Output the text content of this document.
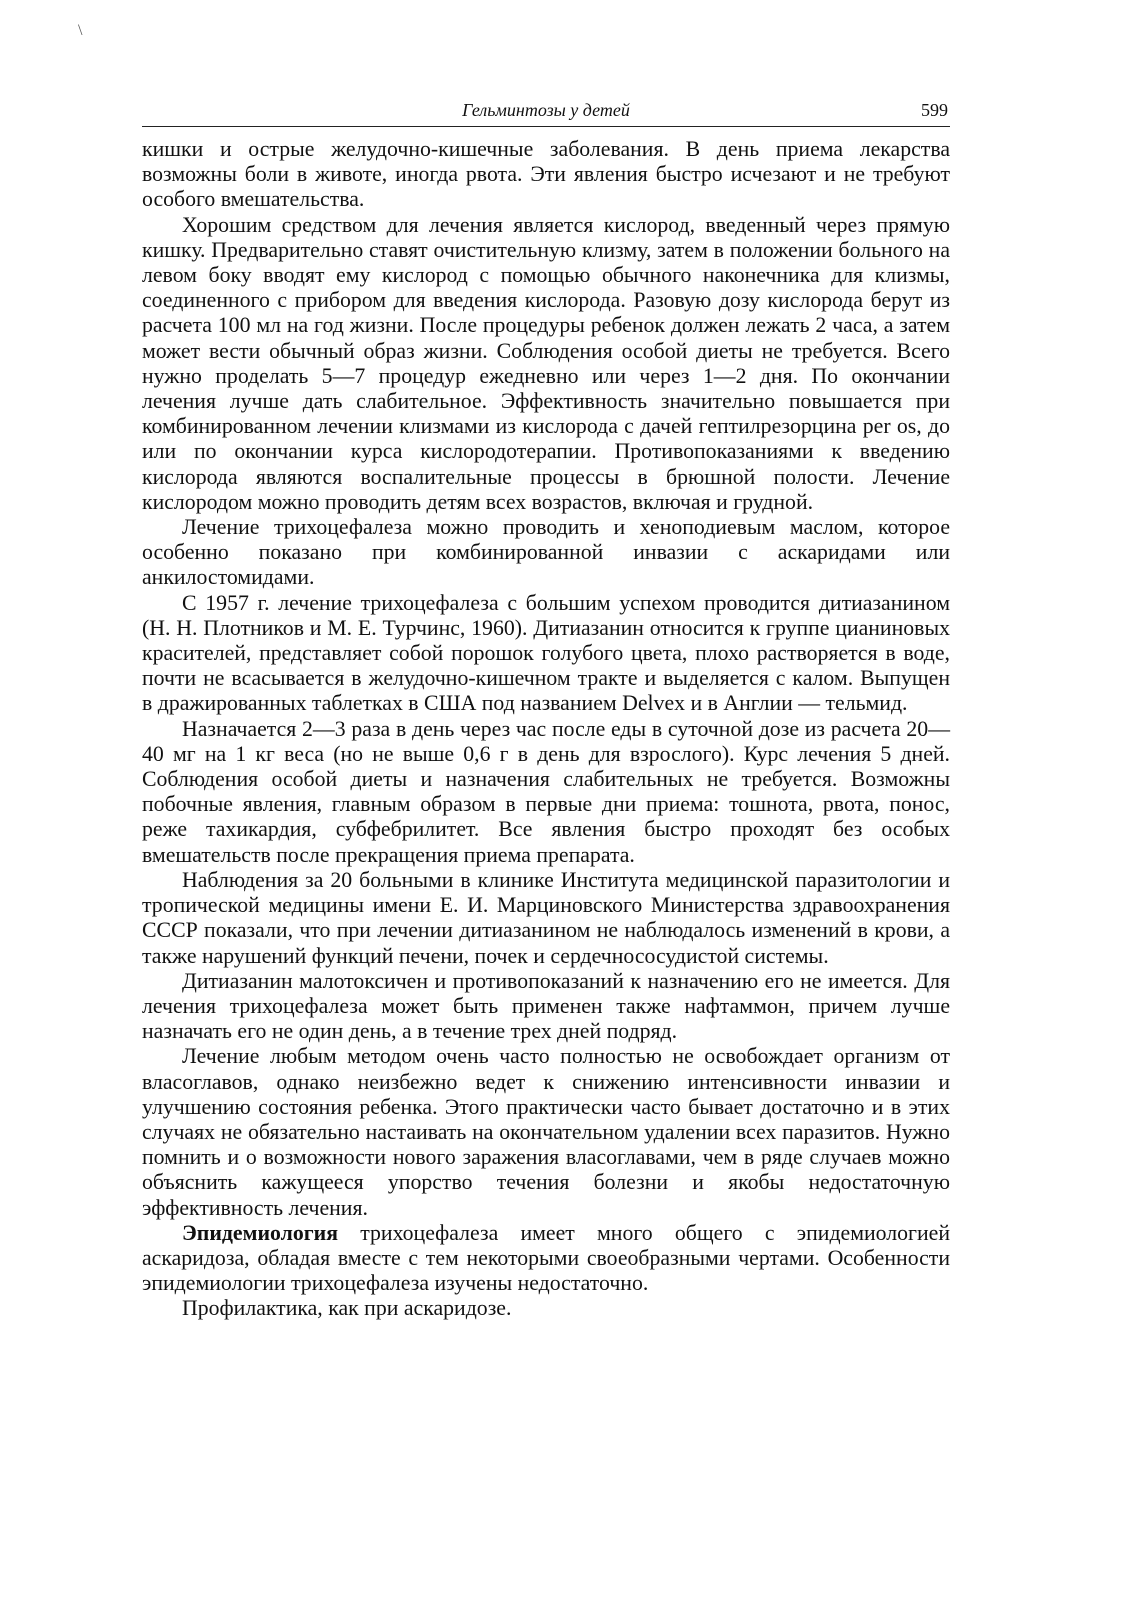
\
Гельминтозы у детей	599

кишки и острые желудочно-кишечные заболевания. В день приема лекарства возможны боли в животе, иногда рвота. Эти явления быстро исчезают и не требуют особого вмешательства.

Хорошим средством для лечения является кислород, введенный через прямую кишку. Предварительно ставят очистительную клизму, затем в положении больного на левом боку вводят ему кислород с помощью обычного наконечника для клизмы, соединенного с прибором для введения кислорода. Разовую дозу кислорода берут из расчета 100 мл на год жизни. После процедуры ребенок должен лежать 2 часа, а затем может вести обычный образ жизни. Соблюдения особой диеты не требуется. Всего нужно проделать 5—7 процедур ежедневно или через 1—2 дня. По окончании лечения лучше дать слабительное. Эффективность значительно повышается при комбинированном лечении клизмами из кислорода с дачей гептилрезорцина per os, до или по окончании курса кислородотерапии. Противопоказаниями к введению кислорода являются воспалительные процессы в брюшной полости. Лечение кислородом можно проводить детям всех возрастов, включая и грудной.

Лечение трихоцефалеза можно проводить и хеноподиевым маслом, которое особенно показано при комбинированной инвазии с аскаридами или анкилостомидами.

С 1957 г. лечение трихоцефалеза с большим успехом проводится дитиазанином (Н. Н. Плотников и М. Е. Турчинс, 1960). Дитиазанин относится к группе цианиновых красителей, представляет собой порошок голубого цвета, плохо растворяется в воде, почти не всасывается в желудочно-кишечном тракте и выделяется с калом. Выпущен в дражированных таблетках в США под названием Delvex и в Англии — тельмид.

Назначается 2—3 раза в день через час после еды в суточной дозе из расчета 20—40 мг на 1 кг веса (но не выше 0,6 г в день для взрослого). Курс лечения 5 дней. Соблюдения особой диеты и назначения слабительных не требуется. Возможны побочные явления, главным образом в первые дни приема: тошнота, рвота, понос, реже тахикардия, субфебрилитет. Все явления быстро проходят без особых вмешательств после прекращения приема препарата.

Наблюдения за 20 больными в клинике Института медицинской паразитологии и тропической медицины имени Е. И. Марциновского Министерства здравоохранения СССР показали, что при лечении дитиазанином не наблюдалось изменений в крови, а также нарушений функций печени, почек и сердечнососудистой системы.

Дитиазанин малотоксичен и противопоказаний к назначению его не имеется. Для лечения трихоцефалеза может быть применен также нафтаммон, причем лучше назначать его не один день, а в течение трех дней подряд.

Лечение любым методом очень часто полностью не освобождает организм от власоглавов, однако неизбежно ведет к снижению интенсивности инвазии и улучшению состояния ребенка. Этого практически часто бывает достаточно и в этих случаях не обязательно настаивать на окончательном удалении всех паразитов. Нужно помнить и о возможности нового заражения власоглавами, чем в ряде случаев можно объяснить кажущееся упорство течения болезни и якобы недостаточную эффективность лечения.

Эпидемиология трихоцефалеза имеет много общего с эпидемиологией аскаридоза, обладая вместе с тем некоторыми своеобразными чертами. Особенности эпидемиологии трихоцефалеза изучены недостаточно.

Профилактика, как при аскаридозе.
